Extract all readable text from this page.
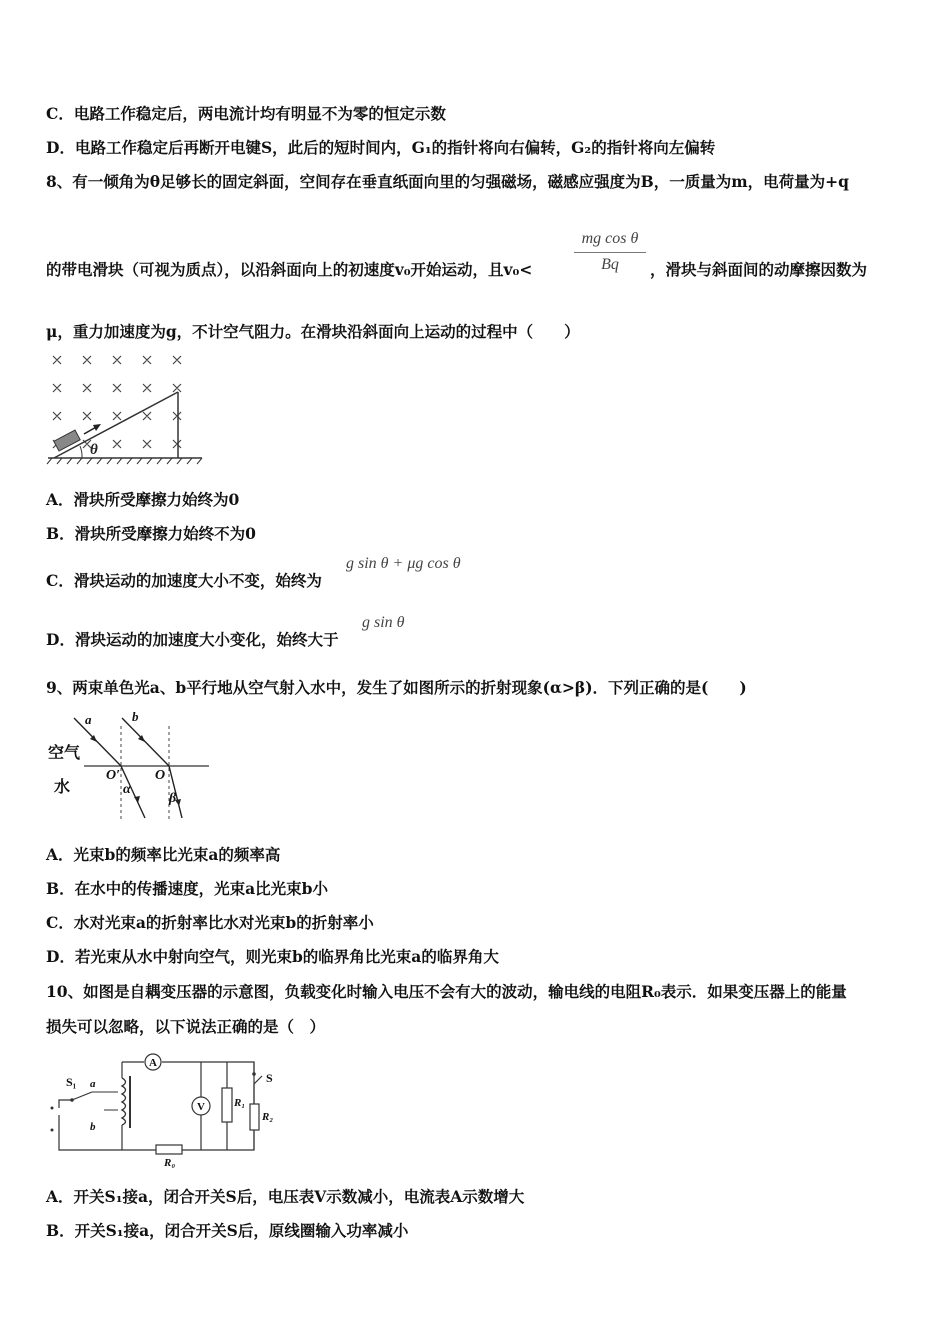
C．电路工作稳定后，两电流计均有明显不为零的恒定示数
D．电路工作稳定后再断开电键S，此后的短时间内，G₁的指针将向右偏转，G₂的指针将向左偏转
8、有一倾角为θ足够长的固定斜面，空间存在垂直纸面向里的匀强磁场，磁感应强度为B，一质量为m，电荷量为+q
的带电滑块（可视为质点），以沿斜面向上的初速度v₀开始运动，且v₀<	$\frac{\text{mg cos θ}}{Bq}$ ，滑块与斜面间的动摩擦因数为
μ，重力加速度为g，不计空气阻力。在滑块沿斜面向上运动的过程中（　　）
θ
A．滑块所受摩擦力始终为0
B．滑块所受摩擦力始终不为0
C．滑块运动的加速度大小不变，始终为
g sin θ + μg cos θ
D．滑块运动的加速度大小变化，始终大于
g sin θ
9、两束单色光a、b平行地从空气射入水中，发生了如图所示的折射现象(α>β)．下列正确的是(　　)
空气
水
a	b
O′ O
α
β
A．光束b的频率比光束a的频率高
B．在水中的传播速度，光束a比光束b小
C．水对光束a的折射率比水对光束b的折射率小
D．若光束从水中射向空气，则光束b的临界角比光束a的临界角大
10、如图是自耦变压器的示意图，负载变化时输入电压不会有大的波动，输电线的电阻R₀表示．如果变压器上的能量
损失可以忽略，以下说法正确的是（　）
A
V	R₁
S
R₂
R₀
S₁ a
b
A．开关S₁接a，闭合开关S后，电压表V示数减小，电流表A示数增大
B．开关S₁接a，闭合开关S后，原线圈输入功率减小
